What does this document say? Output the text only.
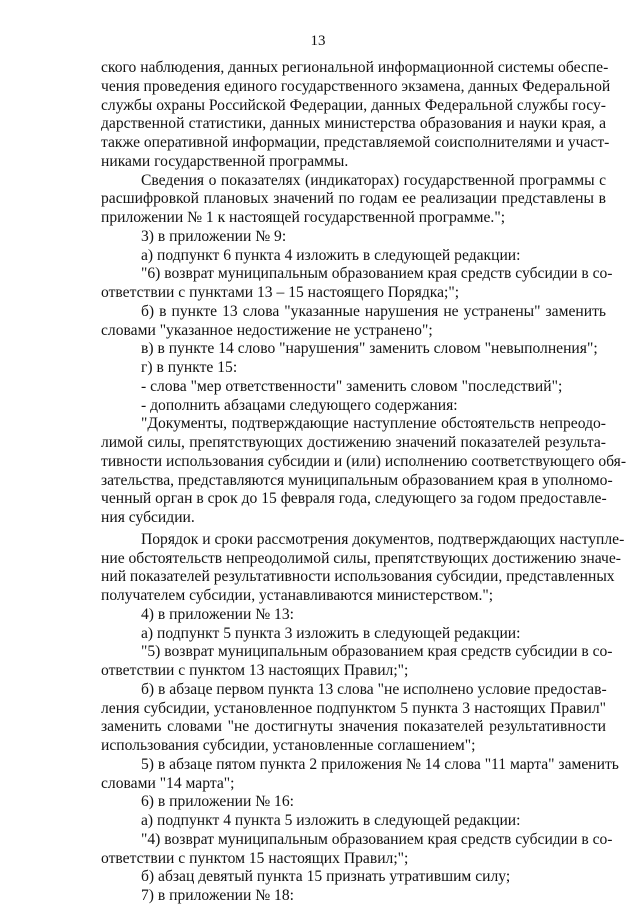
13
ского наблюдения, данных региональной информационной системы обеспе-
чения проведения единого государственного экзамена, данных Федеральной
службы охраны Российской Федерации, данных Федеральной службы госу-
дарственной статистики, данных министерства образования и науки края, а
также оперативной информации, представляемой соисполнителями и участ-
никами государственной программы.
Сведения о показателях (индикаторах) государственной программы с
расшифровкой плановых значений по годам ее реализации представлены в
приложении № 1 к настоящей государственной программе.";
3) в приложении № 9:
а) подпункт 6 пункта 4 изложить в следующей редакции:
"6) возврат муниципальным образованием края средств субсидии в со-
ответствии с пунктами 13 – 15 настоящего Порядка;";
б) в пункте 13 слова "указанные нарушения не устранены" заменить
словами "указанное недостижение не устранено";
в) в пункте 14 слово "нарушения" заменить словом "невыполнения";
г) в пункте 15:
- слова "мер ответственности" заменить словом "последствий";
- дополнить абзацами следующего содержания:
"Документы, подтверждающие наступление обстоятельств непреодо-
лимой силы, препятствующих достижению значений показателей результа-
тивности использования субсидии и (или) исполнению соответствующего обя-
зательства, представляются муниципальным образованием края в уполномо-
ченный орган в срок до 15 февраля года, следующего за годом предоставле-
ния субсидии.
Порядок и сроки рассмотрения документов, подтверждающих наступле-
ние обстоятельств непреодолимой силы, препятствующих достижению значе-
ний показателей результативности использования субсидии, представленных
получателем субсидии, устанавливаются министерством.";
4) в приложении № 13:
а) подпункт 5 пункта 3 изложить в следующей редакции:
"5) возврат муниципальным образованием края средств субсидии в со-
ответствии с пунктом 13 настоящих Правил;";
б) в абзаце первом пункта 13 слова "не исполнено условие предостав-
ления субсидии, установленное подпунктом 5 пункта 3 настоящих Правил"
заменить словами "не достигнуты значения показателей результативности
использования субсидии, установленные соглашением";
5) в абзаце пятом пункта 2 приложения № 14 слова "11 марта" заменить
словами "14 марта";
6) в приложении № 16:
а) подпункт 4 пункта 5 изложить в следующей редакции:
"4) возврат муниципальным образованием края средств субсидии в со-
ответствии с пунктом 15 настоящих Правил;";
б) абзац девятый пункта 15 признать утратившим силу;
7) в приложении № 18:
